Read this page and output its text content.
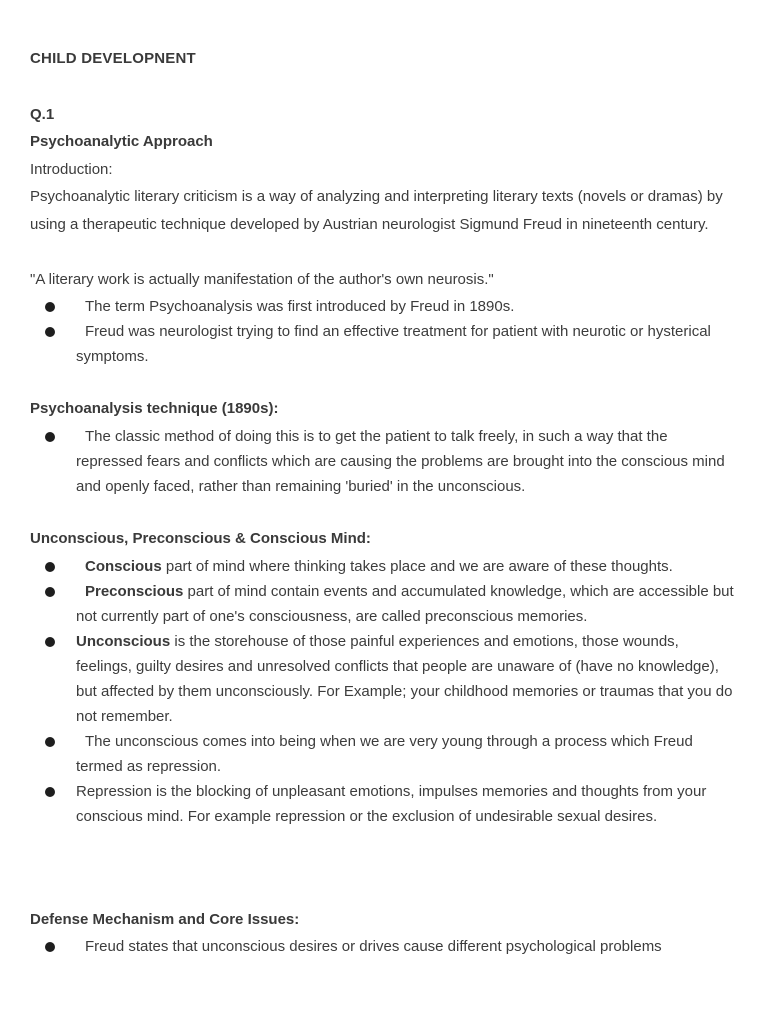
CHILD DEVELOPNENT
Q.1
Psychoanalytic Approach
Introduction:
Psychoanalytic literary criticism is a way of analyzing and interpreting literary texts (novels or dramas) by using a therapeutic technique developed by Austrian neurologist Sigmund Freud in nineteenth century.
"A literary work is actually manifestation of the author's own neurosis."
The term Psychoanalysis was first introduced by Freud in 1890s.
Freud was neurologist trying to find an effective treatment for patient with neurotic or hysterical symptoms.
Psychoanalysis technique (1890s):
The classic method of doing this is to get the patient to talk freely, in such a way that the repressed fears and conflicts which are causing the problems are brought into the conscious mind and openly faced, rather than remaining 'buried' in the unconscious.
Unconscious, Preconscious & Conscious Mind:
Conscious part of mind where thinking takes place and we are aware of these thoughts.
Preconscious part of mind contain events and accumulated knowledge, which are accessible but not currently part of one's consciousness, are called preconscious memories.
Unconscious is the storehouse of those painful experiences and emotions, those wounds, feelings, guilty desires and unresolved conflicts that people are unaware of (have no knowledge), but affected by them unconsciously. For Example; your childhood memories or traumas that you do not remember.
The unconscious comes into being when we are very young through a process which Freud termed as repression.
Repression is the blocking of unpleasant emotions, impulses memories and thoughts from your conscious mind. For example repression or the exclusion of undesirable sexual desires.
Defense Mechanism and Core Issues:
Freud states that unconscious desires or drives cause different psychological problems
